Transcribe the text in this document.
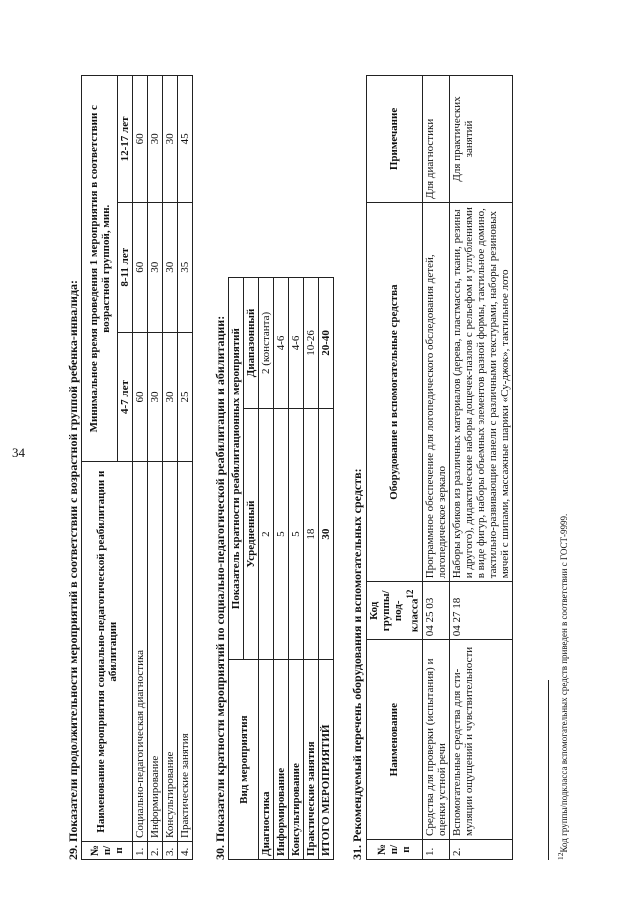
34	29. Показатели продолжительности мероприятий в соответствии с возрастной группой ребенка-инвалида: № п/п	Наименование мероприятия социально-педагогической реабилитации и абилитации	Минимальное время проведения 1 мероприятия в соответствии с возрастной группой, мин.		
		4-7 лет	8-11 лет	12-17 лет
1.	Социально-педагогическая диагностика	60	60	60
2.	Информирование	30	30	30
3.	Консультирование	30	30	30
4.	Практические занятия	25	35	45
30. Показатели кратности мероприятий по социально-педагогической реабилитации и абилитации: Вид мероприятия	Показатель кратности реабилитационных мероприятий	
	Усредненный	Диапазонный
Диагностика	2	2 (константа)
Информирование	5	4-6
Консультирование	5	4-6
Практические занятия	18	10-26
ИТОГО МЕРОПРИЯТИЙ	30	20-40
31. Рекомендуемый перечень оборудования и вспомогательных средств: № п/п	Наименование	Код группы/подкласса$^{12}$	Оборудование и вспомогательные средства	Примечание
1.	Средства для проверки (испытания) и оценки устной речи	04 25 03	Программное обеспечение для логопедического обследования детей, логопедическое зеркало	Для диагностики
2.	Вспомогательные средства для стимуляции ощущений и чувствительности	04 27 18	Наборы кубиков из различных материалов (дерева, пластмассы, ткани, резины и другого), дидактические наборы дощечек-пазлов с рельефом и углублениями в виде фигур, наборы объемных элементов разной формы, тактильное домино, тактильно-развивающие панели с различными текстурами, наборы резиновых мячей с шипами, массажные шарики «Су-джок», тактильное лото	Для практических занятий
$^{12}$Код группы/подкласса вспомогательных средств приведен в соответствии с ГОСТ-9999.
